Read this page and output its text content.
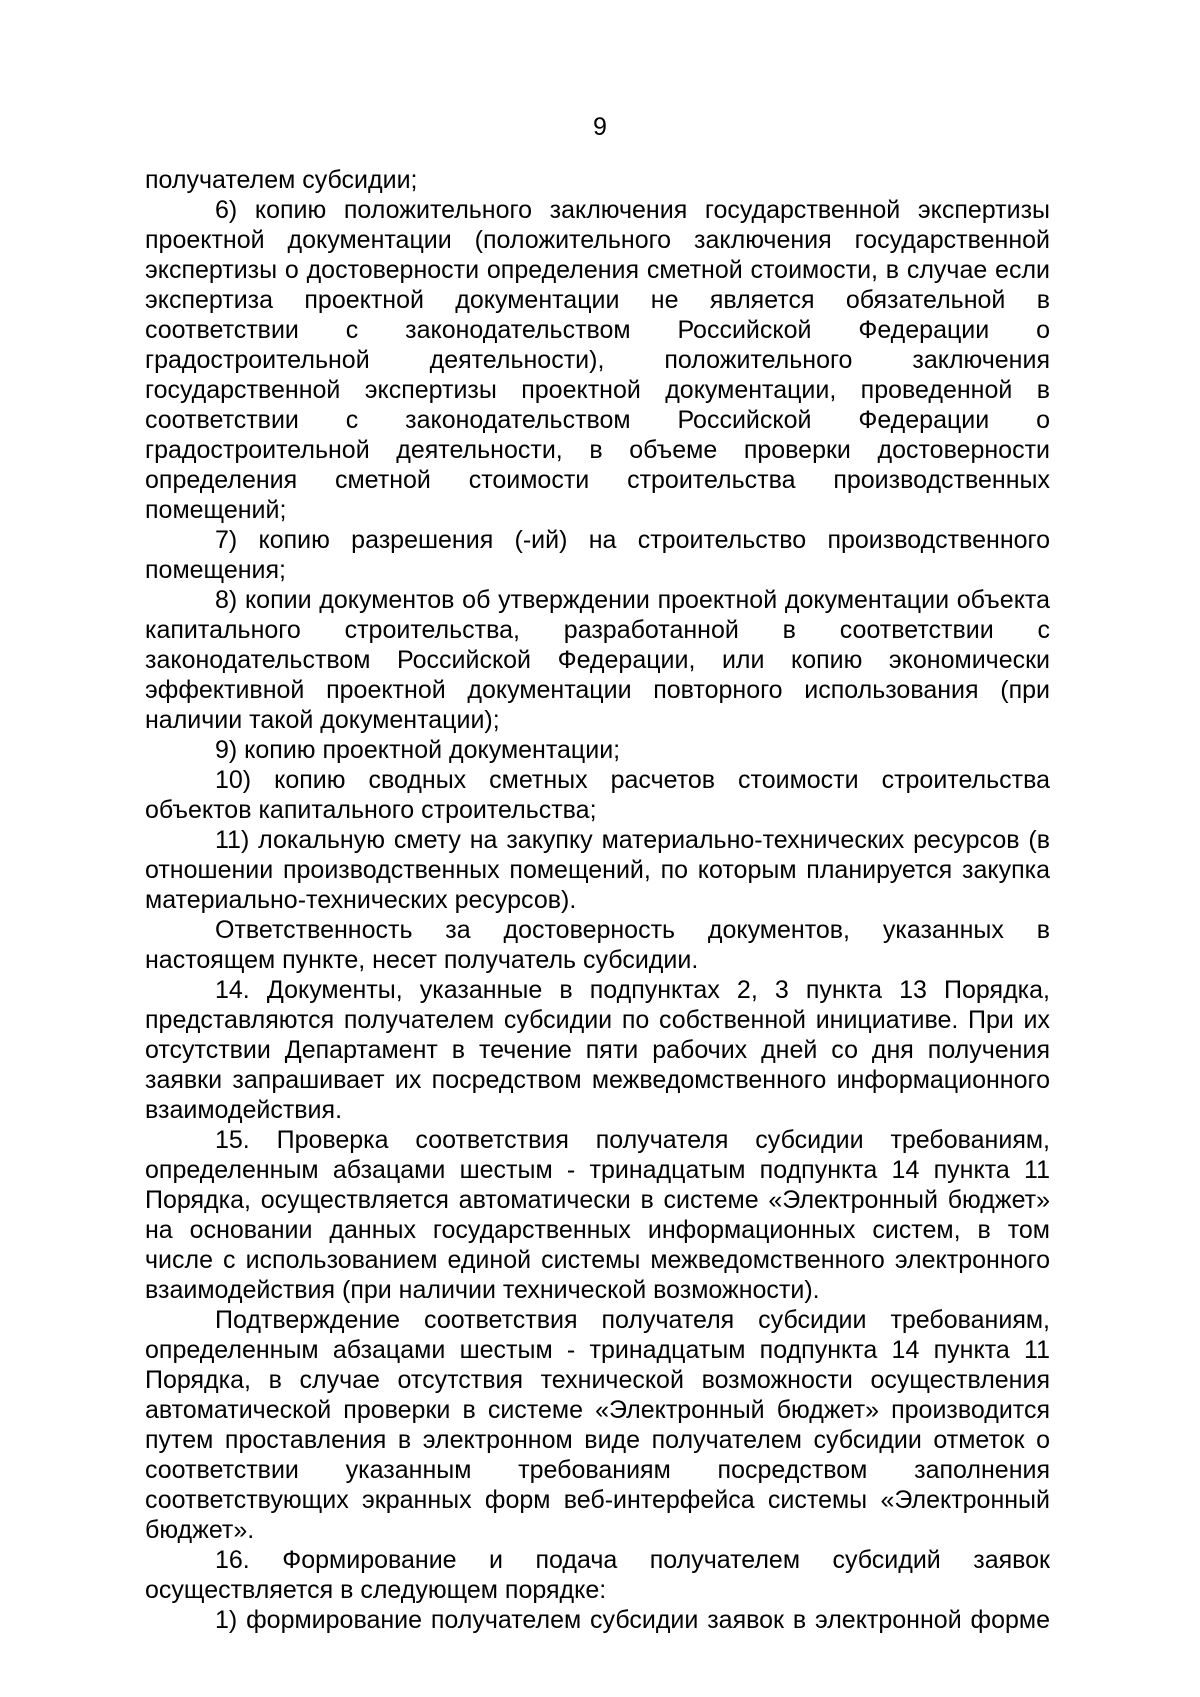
9

получателем субсидии;

6) копию положительного заключения государственной экспертизы проектной документации (положительного заключения государственной экспертизы о достоверности определения сметной стоимости, в случае если экспертиза проектной документации не является обязательной в соответствии с законодательством Российской Федерации о градостроительной деятельности), положительного заключения государственной экспертизы проектной документации, проведенной в соответствии с законодательством Российской Федерации о градостроительной деятельности, в объеме проверки достоверности определения сметной стоимости строительства производственных помещений;

7) копию разрешения (-ий) на строительство производственного помещения;

8) копии документов об утверждении проектной документации объекта капитального строительства, разработанной в соответствии с законодательством Российской Федерации, или копию экономически эффективной проектной документации повторного использования (при наличии такой документации);

9) копию проектной документации;

10) копию сводных сметных расчетов стоимости строительства объектов капитального строительства;

11) локальную смету на закупку материально-технических ресурсов (в отношении производственных помещений, по которым планируется закупка материально-технических ресурсов).

Ответственность за достоверность документов, указанных в настоящем пункте, несет получатель субсидии.

14. Документы, указанные в подпунктах 2, 3 пункта 13 Порядка, представляются получателем субсидии по собственной инициативе. При их отсутствии Департамент в течение пяти рабочих дней со дня получения заявки запрашивает их посредством межведомственного информационного взаимодействия.

15. Проверка соответствия получателя субсидии требованиям, определенным абзацами шестым - тринадцатым подпункта 14 пункта 11 Порядка, осуществляется автоматически в системе «Электронный бюджет» на основании данных государственных информационных систем, в том числе с использованием единой системы межведомственного электронного взаимодействия (при наличии технической возможности).

Подтверждение соответствия получателя субсидии требованиям, определенным абзацами шестым - тринадцатым подпункта 14 пункта 11 Порядка, в случае отсутствия технической возможности осуществления автоматической проверки в системе «Электронный бюджет» производится путем проставления в электронном виде получателем субсидии отметок о соответствии указанным требованиям посредством заполнения соответствующих экранных форм веб-интерфейса системы «Электронный бюджет».

16. Формирование и подача получателем субсидий заявок осуществляется в следующем порядке:

1) формирование получателем субсидии заявок в электронной форме
